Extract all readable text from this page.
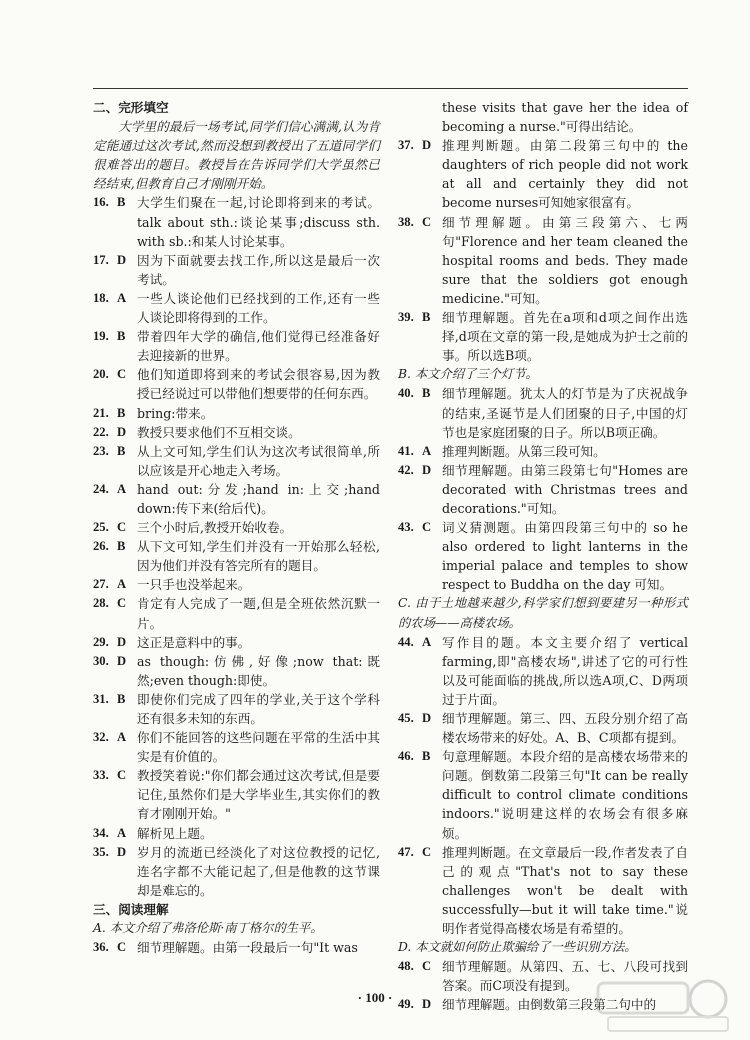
二、完形填空
大学里的最后一场考试,同学们信心满满,认为肯定能通过这次考试,然而没想到教授出了五道同学们很难答出的题目。教授旨在告诉同学们大学虽然已经结束,但教育自己才刚刚开始。
16. B 大学生们聚在一起,讨论即将到来的考试。talk about sth.:谈论某事;discuss sth. with sb.:和某人讨论某事。
17. D 因为下面就要去找工作,所以这是最后一次考试。
18. A 一些人谈论他们已经找到的工作,还有一些人谈论即将得到的工作。
19. B 带着四年大学的确信,他们觉得已经准备好去迎接新的世界。
20. C 他们知道即将到来的考试会很容易,因为教授已经说过可以带他们想要带的任何东西。
21. B bring:带来。
22. D 教授只要求他们不互相交谈。
23. B 从上文可知,学生们认为这次考试很简单,所以应该是开心地走入考场。
24. A hand out:分发;hand in:上交;hand down:传下来(给后代)。
25. C 三个小时后,教授开始收卷。
26. B 从下文可知,学生们并没有一开始那么轻松,因为他们并没有答完所有的题目。
27. A 一只手也没举起来。
28. C 肯定有人完成了一题,但是全班依然沉默一片。
29. D 这正是意料中的事。
30. D as though:仿佛,好像;now that:既然;even though:即使。
31. B 即使你们完成了四年的学业,关于这个学科还有很多未知的东西。
32. A 你们不能回答的这些问题在平常的生活中其实是有价值的。
33. C 教授笑着说:"你们都会通过这次考试,但是要记住,虽然你们是大学毕业生,其实你们的教育才刚刚开始。"
34. A 解析见上题。
35. D 岁月的流逝已经淡化了对这位教授的记忆,连名字都不大能记起了,但是他教的这节课却是难忘的。
三、阅读理解
A. 本文介绍了弗洛伦斯·南丁格尔的生平。
36. C 细节理解题。由第一段最后一句"It was
these visits that gave her the idea of becoming a nurse."可得出结论。
37. D 推理判断题。由第二段第三句中的 the daughters of rich people did not work at all and certainly they did not become nurses可知她家很富有。
38. C 细节理解题。由第三段第六、七两句"Florence and her team cleaned the hospital rooms and beds. They made sure that the soldiers got enough medicine."可知。
39. B 细节理解题。首先在a项和d项之间作出选择,d项在文章的第一段,是她成为护士之前的事。所以选B项。
B. 本文介绍了三个灯节。
40. B 细节理解题。犹太人的灯节是为了庆祝战争的结束,圣诞节是人们团聚的日子,中国的灯节也是家庭团聚的日子。所以B项正确。
41. A 推理判断题。从第三段可知。
42. D 细节理解题。由第三段第七句"Homes are decorated with Christmas trees and decorations."可知。
43. C 词义猜测题。由第四段第三句中的 so he also ordered to light lanterns in the imperial palace and temples to show respect to Buddha on the day 可知。
C. 由于土地越来越少,科学家们想到要建另一种形式的农场——高楼农场。
44. A 写作目的题。本文主要介绍了 vertical farming,即"高楼农场",讲述了它的可行性以及可能面临的挑战,所以选A项,C、D两项过于片面。
45. D 细节理解题。第三、四、五段分别介绍了高楼农场带来的好处。A、B、C项都有提到。
46. B 句意理解题。本段介绍的是高楼农场带来的问题。倒数第二段第三句"It can be really difficult to control climate conditions indoors."说明建这样的农场会有很多麻烦。
47. C 推理判断题。在文章最后一段,作者发表了自己的观点"That's not to say these challenges won't be dealt with successfully—but it will take time."说明作者觉得高楼农场是有希望的。
D. 本文就如何防止欺骗给了一些识别方法。
48. C 细节理解题。从第四、五、七、八段可找到答案。而C项没有提到。
49. D 细节理解题。由倒数第三段第二句中的
· 100 ·
